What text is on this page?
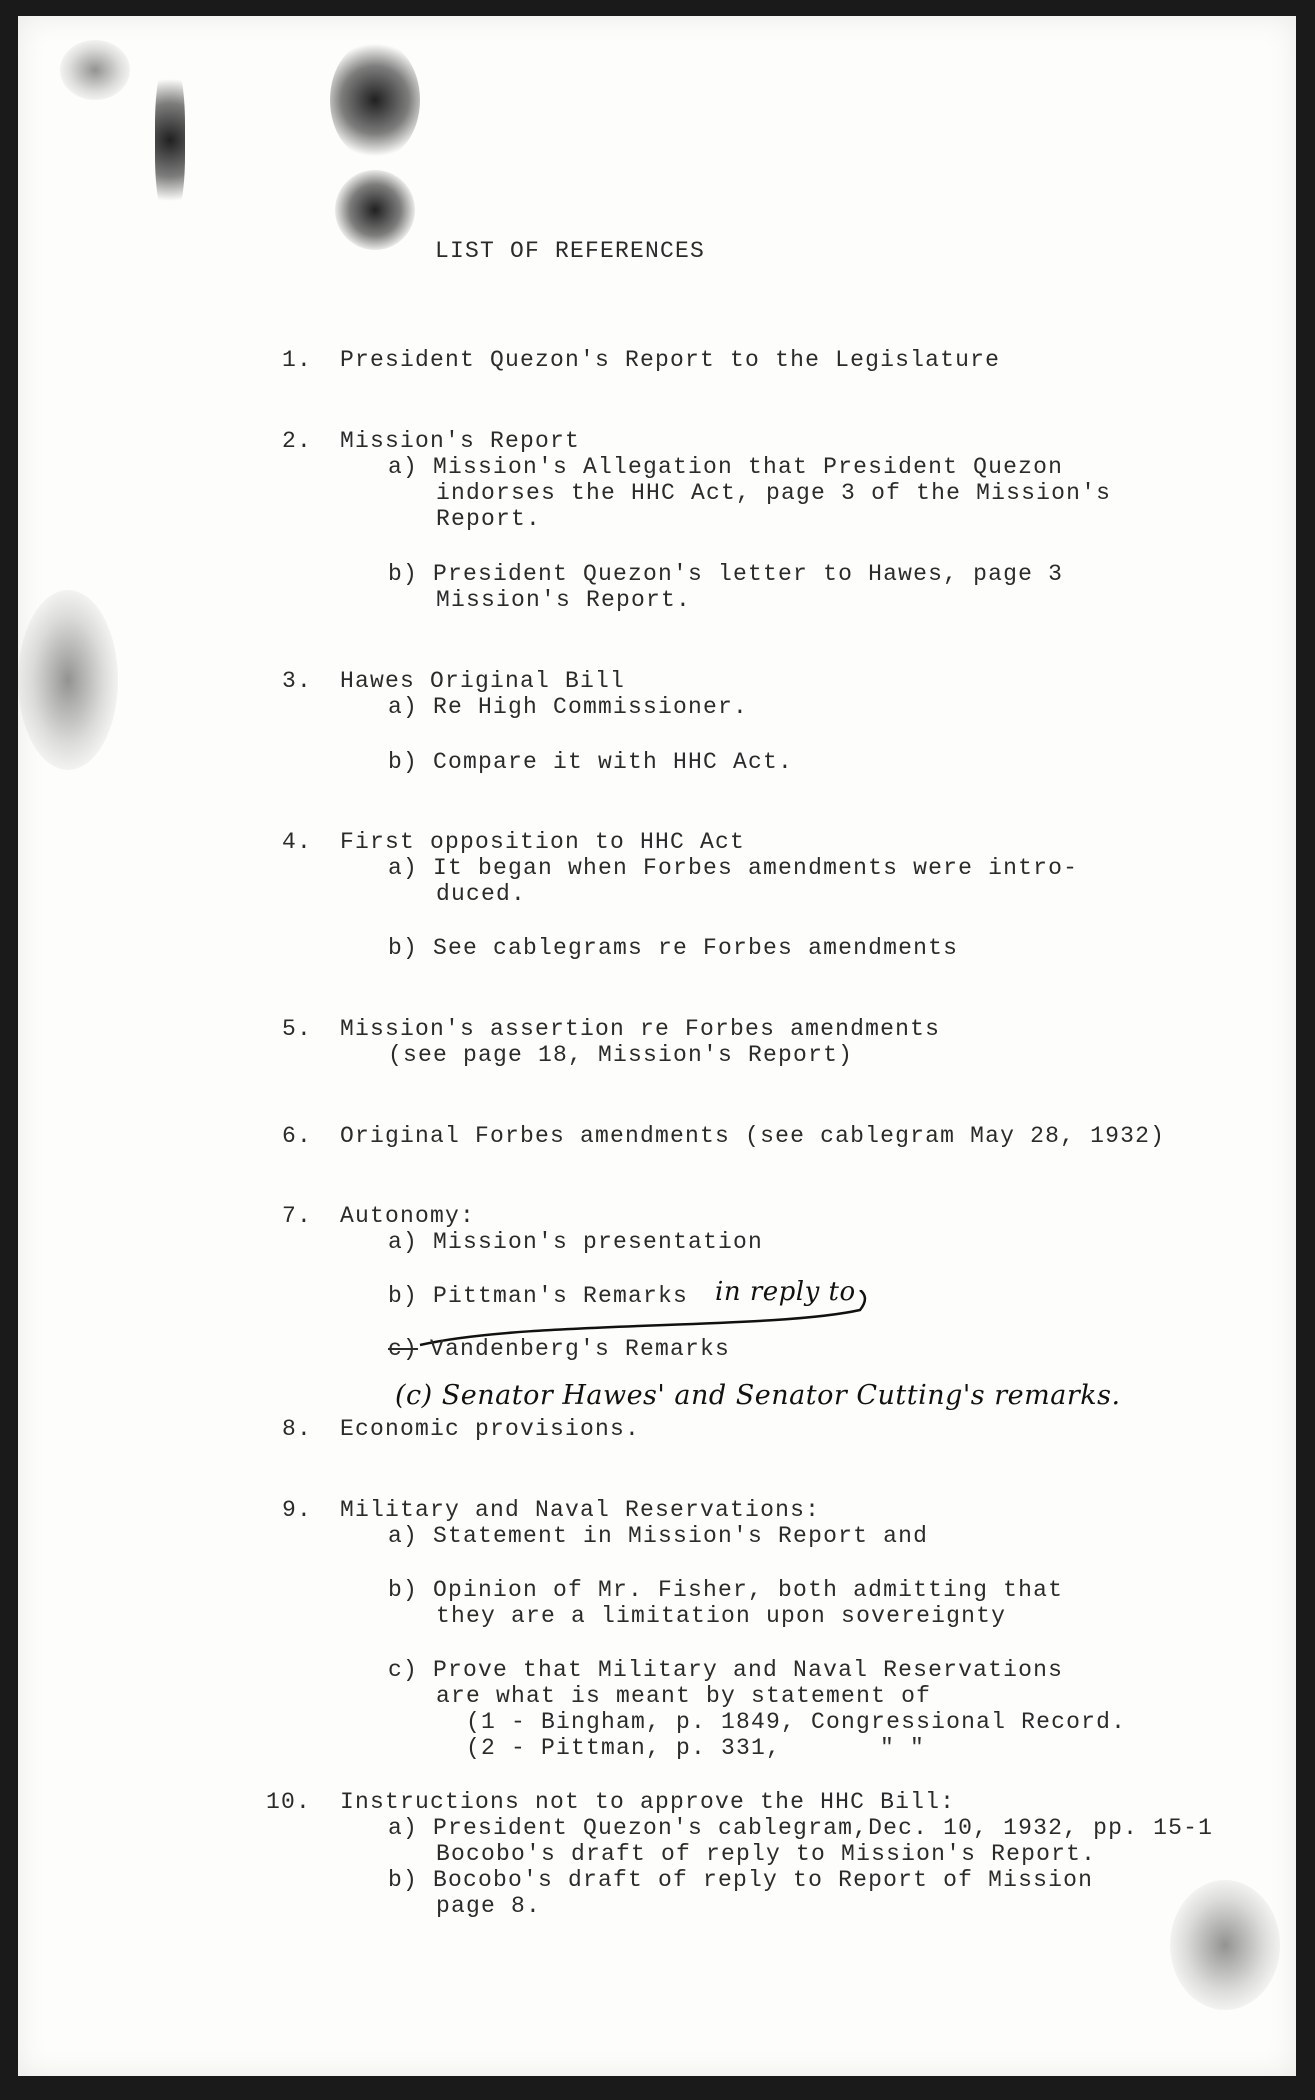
LIST OF REFERENCES
1. President Quezon's Report to the Legislature
2. Mission's Report
a) Mission's Allegation that President Quezon
indorses the HHC Act, page 3 of the Mission's
Report.
b) President Quezon's letter to Hawes, page 3
Mission's Report.
3. Hawes Original Bill
a) Re High Commissioner.
b) Compare it with HHC Act.
4. First opposition to HHC Act
a) It began when Forbes amendments were intro-
duced.
b) See cablegrams re Forbes amendments
5. Mission's assertion re Forbes amendments
(see page 18, Mission's Report)
6. Original Forbes amendments (see cablegram May 28, 1932)
7. Autonomy:
a) Mission's presentation
b) Pittman's Remarks in reply to
c) Vandenberg's Remarks
(c) Senator Hawes' and Senator Cutting's remarks.
8. Economic provisions.
9. Military and Naval Reservations:
a) Statement in Mission's Report and
b) Opinion of Mr. Fisher, both admitting that
they are a limitation upon sovereignty
c) Prove that Military and Naval Reservations
are what is meant by statement of
(1 - Bingham, p. 1849, Congressional Record.
(2 - Pittman, p. 331,	" "
10. Instructions not to approve the HHC Bill:
a) President Quezon's cablegram,Dec. 10, 1932, pp. 15-1
Bocobo's draft of reply to Mission's Report.
b) Bocobo's draft of reply to Report of Mission
page 8.
